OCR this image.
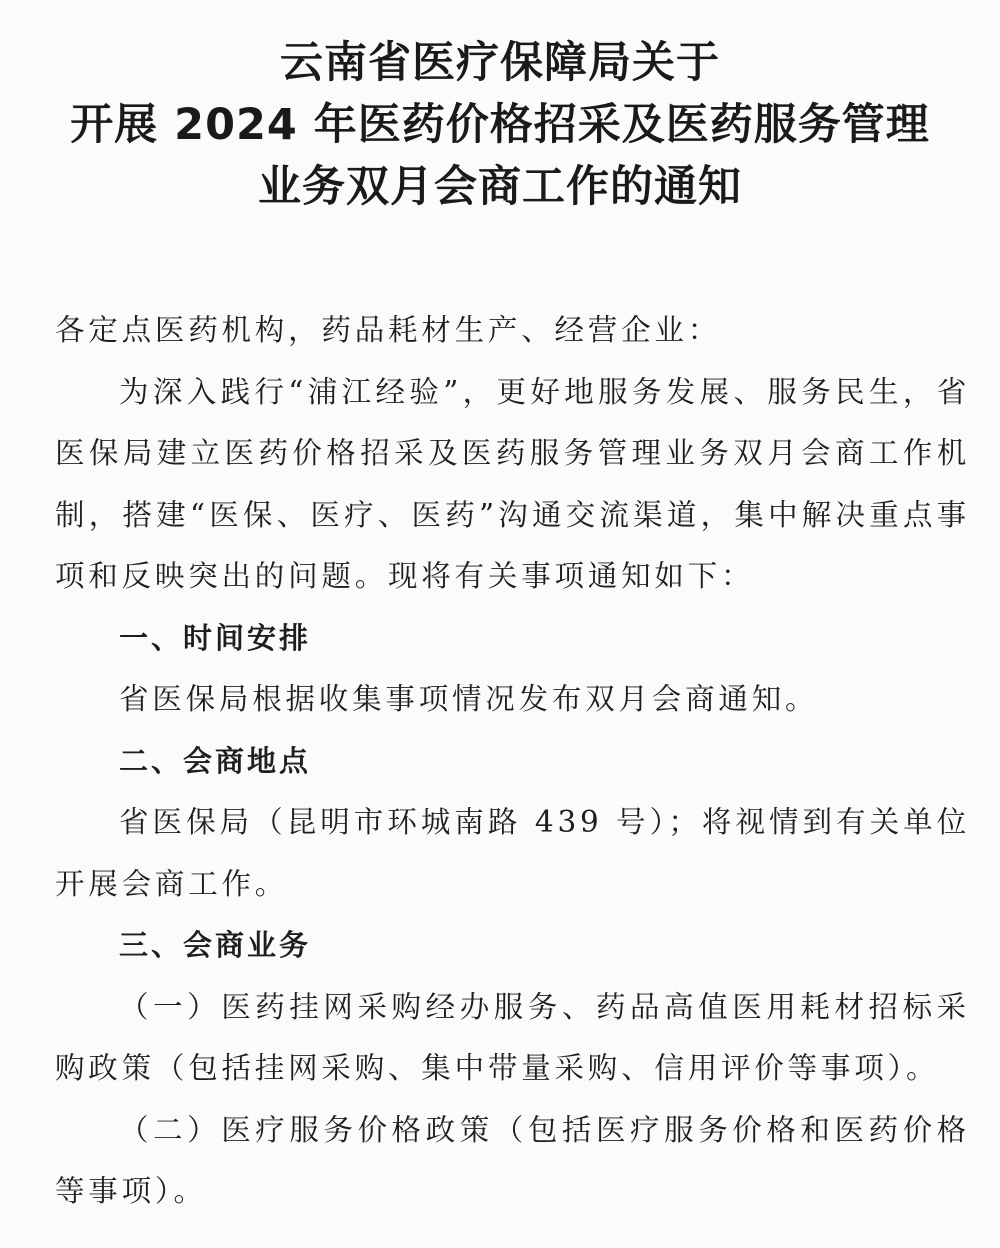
云南省医疗保障局关于
开展 2024 年医药价格招采及医药服务管理
业务双月会商工作的通知

各定点医药机构，药品耗材生产、经营企业：

为深入践行“浦江经验”，更好地服务发展、服务民生，省医保局建立医药价格招采及医药服务管理业务双月会商工作机制，搭建“医保、医疗、医药”沟通交流渠道，集中解决重点事项和反映突出的问题。现将有关事项通知如下：

一、时间安排

省医保局根据收集事项情况发布双月会商通知。

二、会商地点

省医保局（昆明市环城南路 439 号）；将视情到有关单位开展会商工作。

三、会商业务

（一）医药挂网采购经办服务、药品高值医用耗材招标采购政策（包括挂网采购、集中带量采购、信用评价等事项）。

（二）医疗服务价格政策（包括医疗服务价格和医药价格等事项）。
